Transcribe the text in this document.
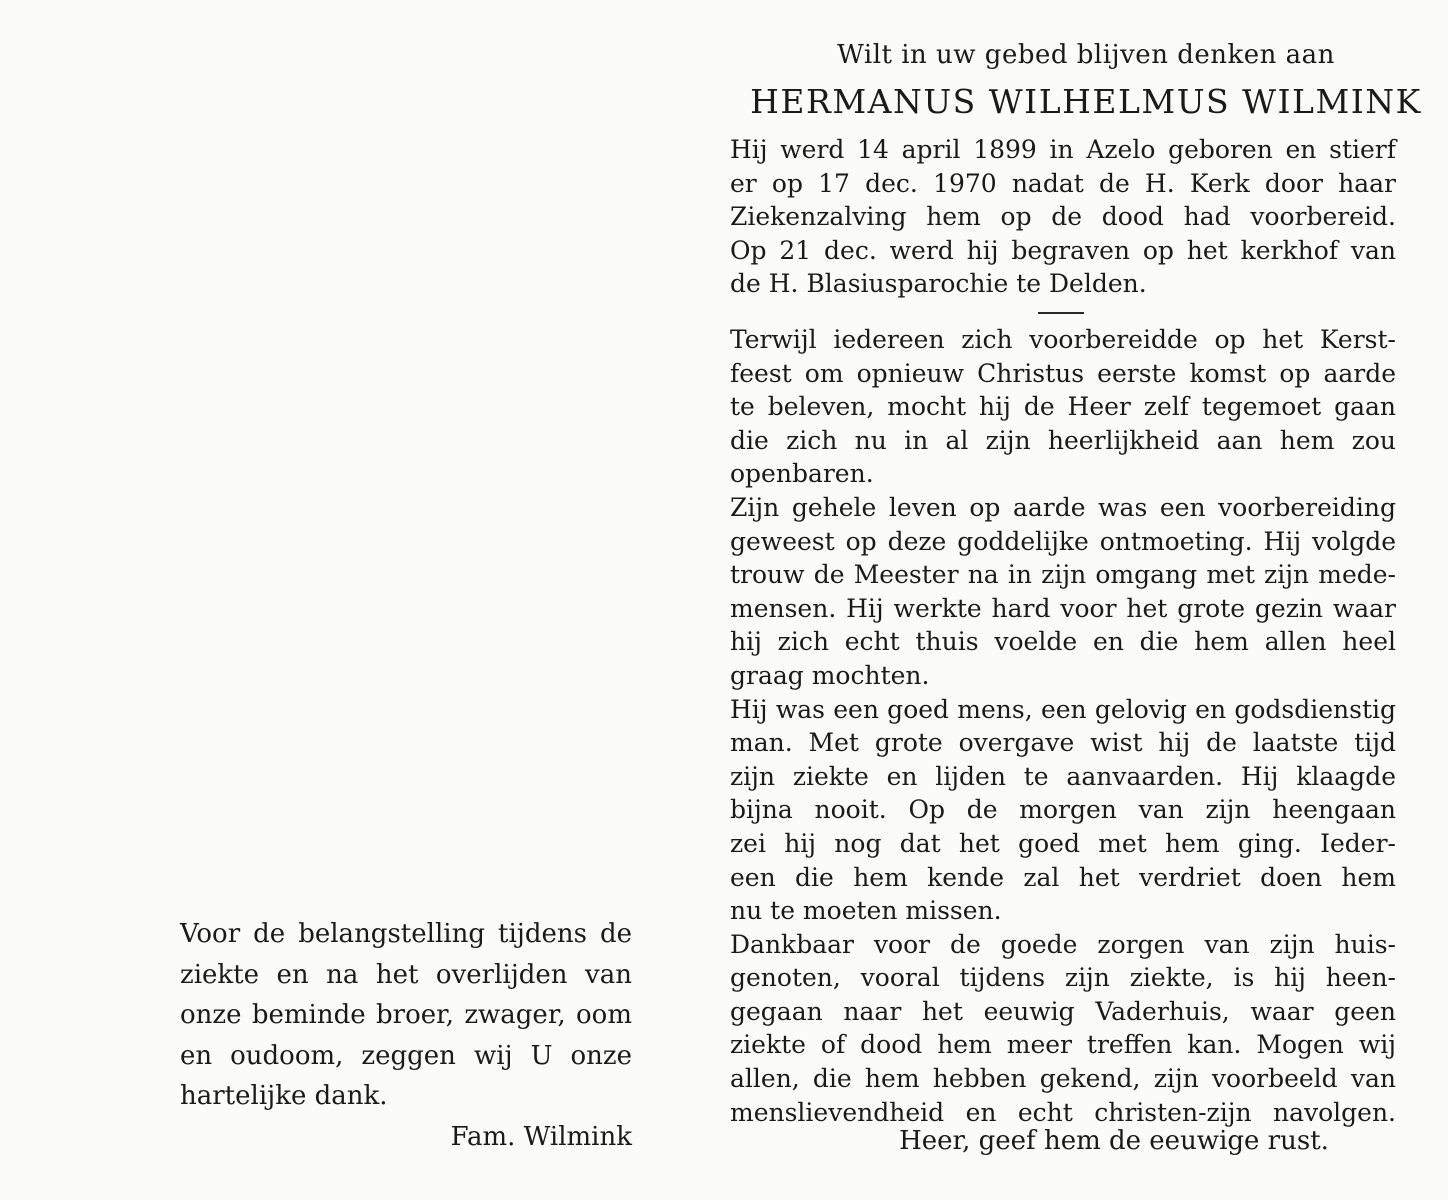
Voor de belangstelling tijdens de
ziekte en na het overlijden van
onze beminde broer, zwager, oom
en oudoom, zeggen wij U onze
hartelijke dank.

Fam. Wilmink

Wilt in uw gebed blijven denken aan

HERMANUS WILHELMUS WILMINK
Hij werd 14 april 1899 in Azelo geboren en stierf
er op 17 dec. 1970 nadat de H. Kerk door haar
Ziekenzalving hem op de dood had voorbereid.
Op 21 dec. werd hij begraven op het kerkhof van
de H. Blasiusparochie te Delden.
Terwijl iedereen zich voorbereidde op het Kerst-
feest om opnieuw Christus eerste komst op aarde
te beleven, mocht hij de Heer zelf tegemoet gaan
die zich nu in al zijn heerlijkheid aan hem zou
openbaren.
Zijn gehele leven op aarde was een voorbereiding
geweest op deze goddelijke ontmoeting. Hij volgde
trouw de Meester na in zijn omgang met zijn mede-
mensen. Hij werkte hard voor het grote gezin waar
hij zich echt thuis voelde en die hem allen heel
graag mochten.
Hij was een goed mens, een gelovig en godsdienstig
man. Met grote overgave wist hij de laatste tijd
zijn ziekte en lijden te aanvaarden. Hij klaagde
bijna nooit. Op de morgen van zijn heengaan
zei hij nog dat het goed met hem ging. Ieder-
een die hem kende zal het verdriet doen hem
nu te moeten missen.
Dankbaar voor de goede zorgen van zijn huis-
genoten, vooral tijdens zijn ziekte, is hij heen-
gegaan naar het eeuwig Vaderhuis, waar geen
ziekte of dood hem meer treffen kan. Mogen wij
allen, die hem hebben gekend, zijn voorbeeld van
menslievendheid en echt christen-zijn navolgen.

Heer, geef hem de eeuwige rust.
